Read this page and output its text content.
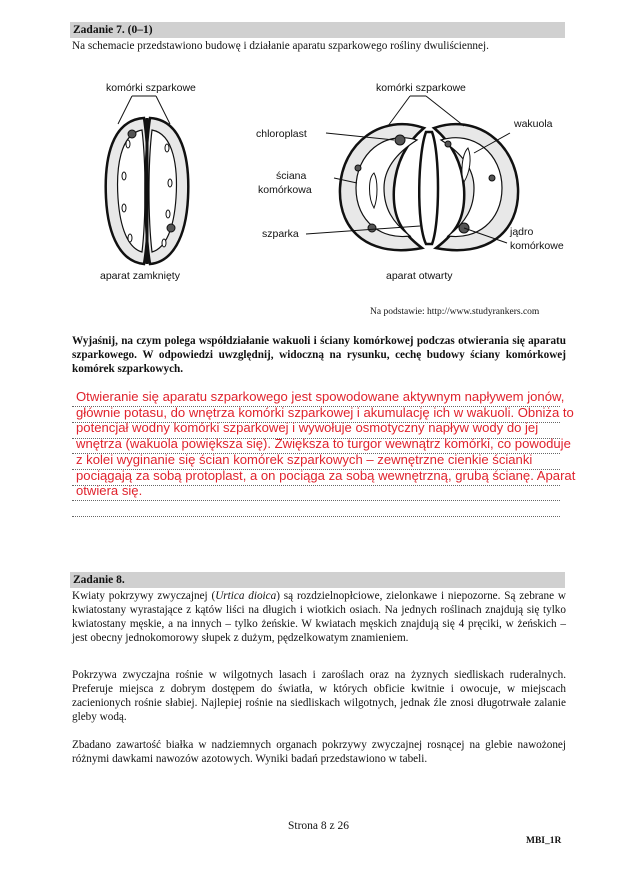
Zadanie 7. (0–1)

Na schemacie przedstawiono budowę i działanie aparatu szparkowego rośliny dwuliściennej.

komórki szparkowe	komórki szparkowe
chloroplast
ściana
komórkowa
szparka
wakuola
jądro
komórkowe
aparat zamknięty	aparat otwarty
Na podstawie: http://www.studyrankers.com

Wyjaśnij, na czym polega współdziałanie wakuoli i ściany komórkowej podczas otwierania się aparatu szparkowego. W odpowiedzi uwzględnij, widoczną na rysunku, cechę budowy ściany komórkowej komórek szparkowych.

Otwieranie się aparatu szparkowego jest spowodowane aktywnym napływem jonów, głównie potasu, do wnętrza komórki szparkowej i akumulację ich w wakuoli. Obniża to potencjał wodny komórki szparkowej i wywołuje osmotyczny napływ wody do jej wnętrza (wakuola powiększa się). Zwiększa to turgor wewnątrz komórki, co powoduje z kolei wyginanie się ścian komórek szparkowych – zewnętrzne cienkie ścianki pociągają za sobą protoplast, a on pociąga za sobą wewnętrzną, grubą ścianę. Aparat otwiera się.

Zadanie 8.

Kwiaty pokrzywy zwyczajnej (Urtica dioica) są rozdzielnopłciowe, zielonkawe i niepozorne. Są zebrane w kwiatostany wyrastające z kątów liści na długich i wiotkich osiach. Na jednych roślinach znajdują się tylko kwiatostany męskie, a na innych – tylko żeńskie. W kwiatach męskich znajdują się 4 pręciki, w żeńskich – jest obecny jednokomorowy słupek z dużym, pędzelkowatym znamieniem.

Pokrzywa zwyczajna rośnie w wilgotnych lasach i zaroślach oraz na żyznych siedliskach ruderalnych. Preferuje miejsca z dobrym dostępem do światła, w których obficie kwitnie i owocuje, w miejscach zacienionych rośnie słabiej. Najlepiej rośnie na siedliskach wilgotnych, jednak źle znosi długotrwałe zalanie gleby wodą.

Zbadano zawartość białka w nadziemnych organach pokrzywy zwyczajnej rosnącej na glebie nawożonej różnymi dawkami nawozów azotowych. Wyniki badań przedstawiono w tabeli.

Strona 8 z 26
MBI_1R
